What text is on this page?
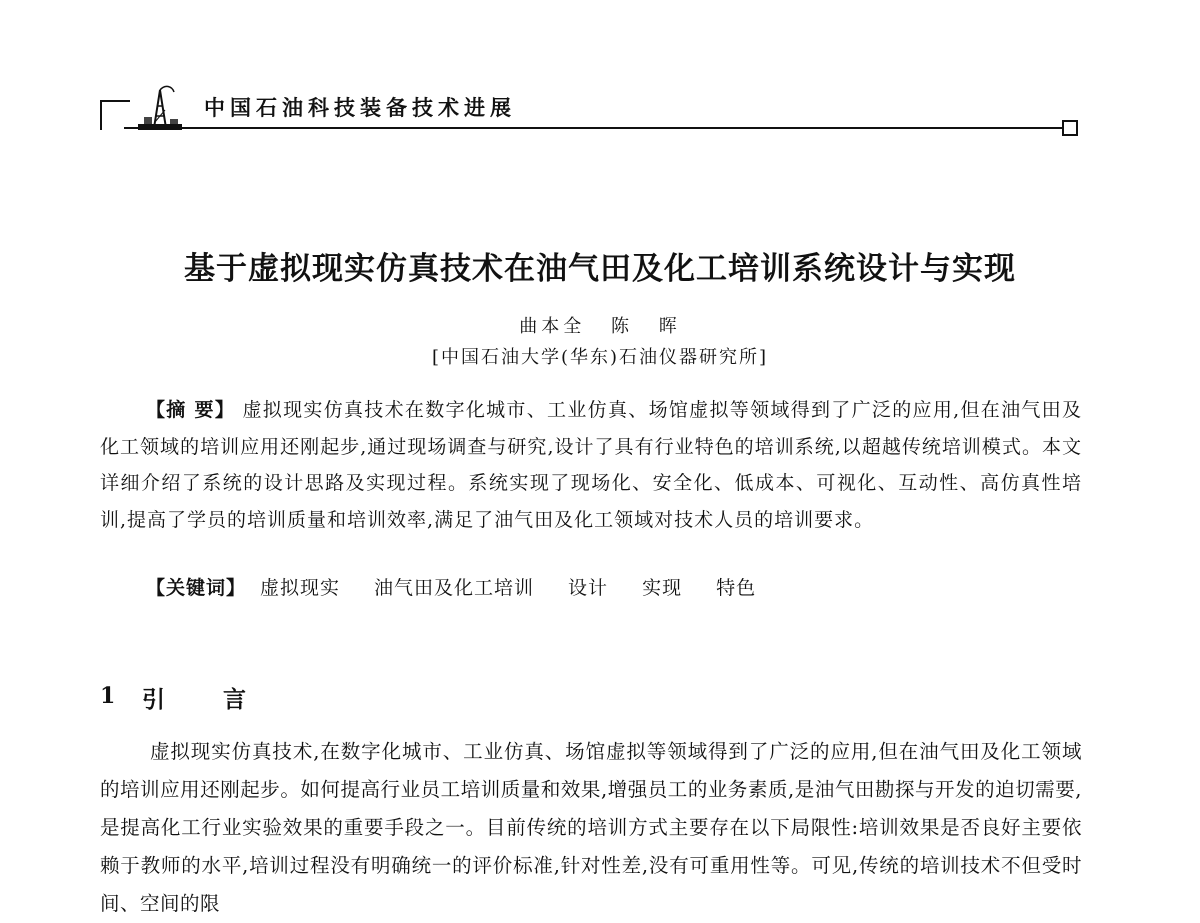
中国石油科技装备技术进展
基于虚拟现实仿真技术在油气田及化工培训系统设计与实现
曲本全 陈 晖
[中国石油大学(华东)石油仪器研究所]
【摘 要】 虚拟现实仿真技术在数字化城市、工业仿真、场馆虚拟等领域得到了广泛的应用,但在油气田及化工领域的培训应用还刚起步,通过现场调查与研究,设计了具有行业特色的培训系统,以超越传统培训模式。本文详细介绍了系统的设计思路及实现过程。系统实现了现场化、安全化、低成本、可视化、互动性、高仿真性培训,提高了学员的培训质量和培训效率,满足了油气田及化工领域对技术人员的培训要求。
【关键词】 虚拟现实 油气田及化工培训 设计 实现 特色
1 引言
虚拟现实仿真技术,在数字化城市、工业仿真、场馆虚拟等领域得到了广泛的应用,但在油气田及化工领域的培训应用还刚起步。如何提高行业员工培训质量和效果,增强员工的业务素质,是油气田勘探与开发的迫切需要,是提高化工行业实验效果的重要手段之一。目前传统的培训方式主要存在以下局限性:培训效果是否良好主要依赖于教师的水平,培训过程没有明确统一的评价标准,针对性差,没有可重用性等。可见,传统的培训技术不但受时间、空间的限
